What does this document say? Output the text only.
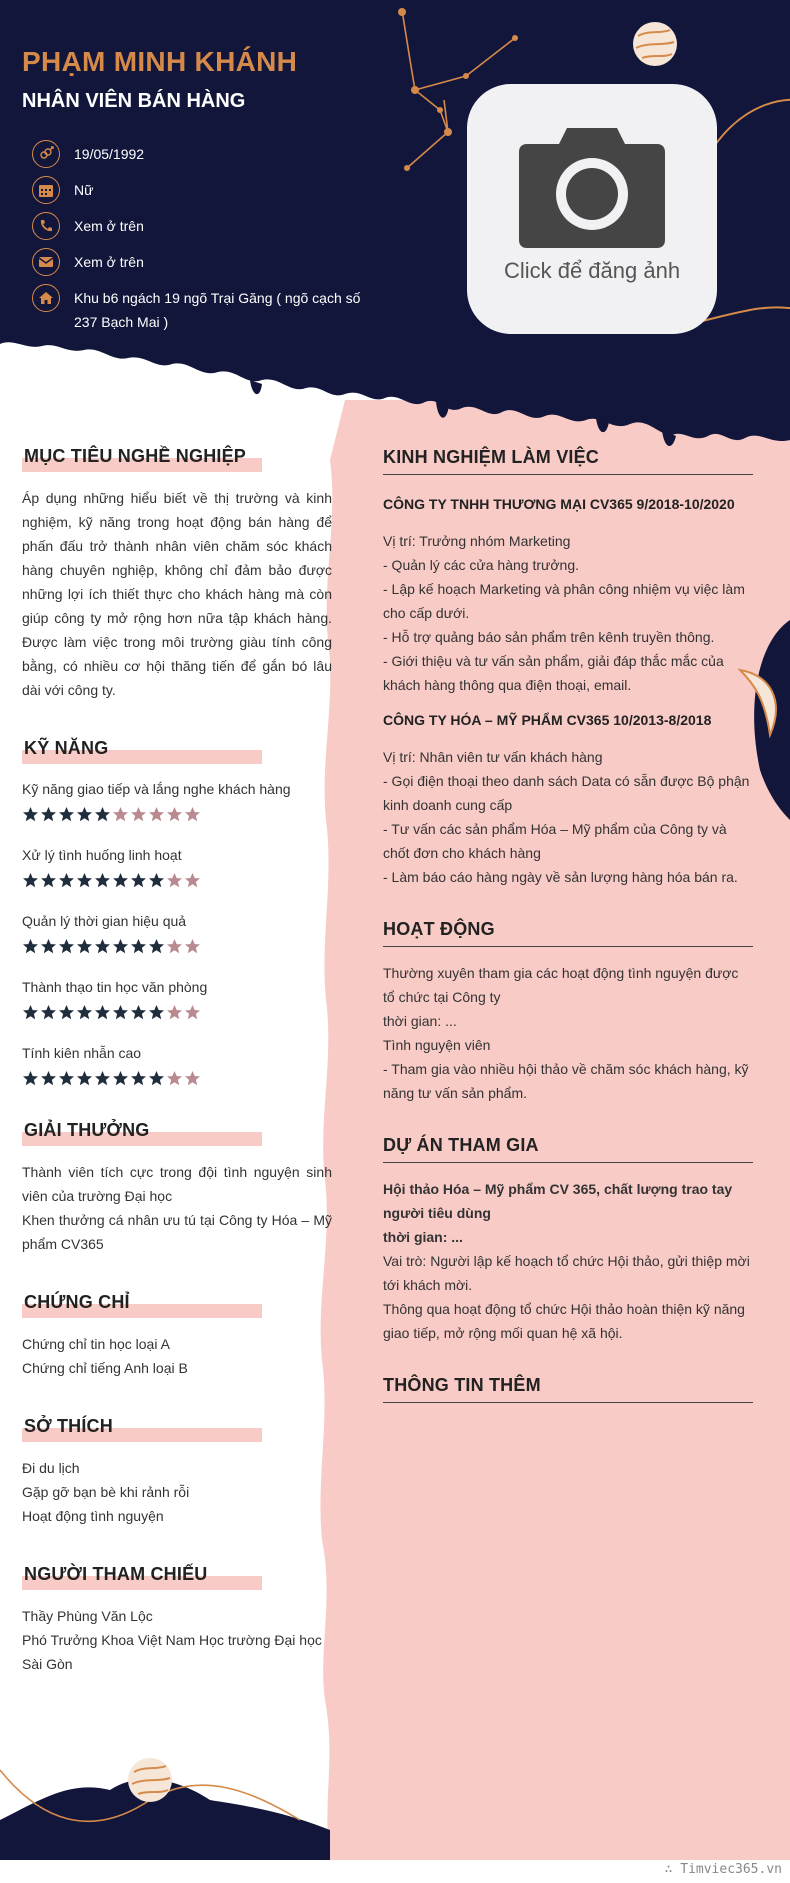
PHẠM MINH KHÁNH
NHÂN VIÊN BÁN HÀNG
19/05/1992
Nữ
Xem ở trên
Xem ở trên
Khu b6 ngách 19 ngõ Trại Găng ( ngõ cạch số 237 Bạch Mai )
Click để đăng ảnh
MỤC TIÊU NGHỀ NGHIỆP
Áp dụng những hiểu biết về thị trường và kinh nghiệm, kỹ năng trong hoạt động bán hàng để phấn đấu trở thành nhân viên chăm sóc khách hàng chuyên nghiệp, không chỉ đảm bảo được những lợi ích thiết thực cho khách hàng mà còn giúp công ty mở rộng hơn nữa tập khách hàng. Được làm việc trong môi trường giàu tính công bằng, có nhiều cơ hội thăng tiến để gắn bó lâu dài với công ty.
KỸ NĂNG
Kỹ năng giao tiếp và lắng nghe khách hàng
Xử lý tình huống linh hoạt
Quản lý thời gian hiệu quả
Thành thạo tin học văn phòng
Tính kiên nhẫn cao
GIẢI THƯỞNG
Thành viên tích cực trong đội tình nguyện sinh viên của trường Đại học
Khen thưởng cá nhân ưu tú tại Công ty Hóa – Mỹ phẩm CV365
CHỨNG CHỈ
Chứng chỉ tin học loại A
Chứng chỉ tiếng Anh loại B
SỞ THÍCH
Đi du lịch
Gặp gỡ bạn bè khi rảnh rỗi
Hoạt động tình nguyện
NGƯỜI THAM CHIẾU
Thầy Phùng Văn Lộc
Phó Trưởng Khoa Việt Nam Học trường Đại học Sài Gòn
KINH NGHIỆM LÀM VIỆC
CÔNG TY TNHH THƯƠNG MẠI CV365 9/2018-10/2020
Vị trí: Trưởng nhóm Marketing
- Quản lý các cửa hàng trưởng.
- Lập kế hoạch Marketing và phân công nhiệm vụ việc làm cho cấp dưới.
- Hỗ trợ quảng báo sản phẩm trên kênh truyền thông.
- Giới thiệu và tư vấn sản phẩm, giải đáp thắc mắc của khách hàng thông qua điện thoại, email.
CÔNG TY HÓA – MỸ PHẨM CV365 10/2013-8/2018
Vị trí: Nhân viên tư vấn khách hàng
- Gọi điện thoại theo danh sách Data có sẵn được Bộ phận kinh doanh cung cấp
- Tư vấn các sản phẩm Hóa – Mỹ phẩm của Công ty và chốt đơn cho khách hàng
- Làm báo cáo hàng ngày về sản lượng hàng hóa bán ra.
HOẠT ĐỘNG
Thường xuyên tham gia các hoạt động tình nguyện được tổ chức tại Công ty
thời gian: ...
Tình nguyện viên
- Tham gia vào nhiều hội thảo về chăm sóc khách hàng, kỹ năng tư vấn sản phẩm.
DỰ ÁN THAM GIA
Hội thảo Hóa – Mỹ phẩm CV 365, chất lượng trao tay người tiêu dùng
thời gian: ...
Vai trò: Người lập kế hoạch tổ chức Hội thảo, gửi thiệp mời tới khách mời.
Thông qua hoạt động tổ chức Hội thảo hoàn thiện kỹ năng giao tiếp, mở rộng mối quan hệ xã hội.
THÔNG TIN THÊM
∴ Timviec365.vn
